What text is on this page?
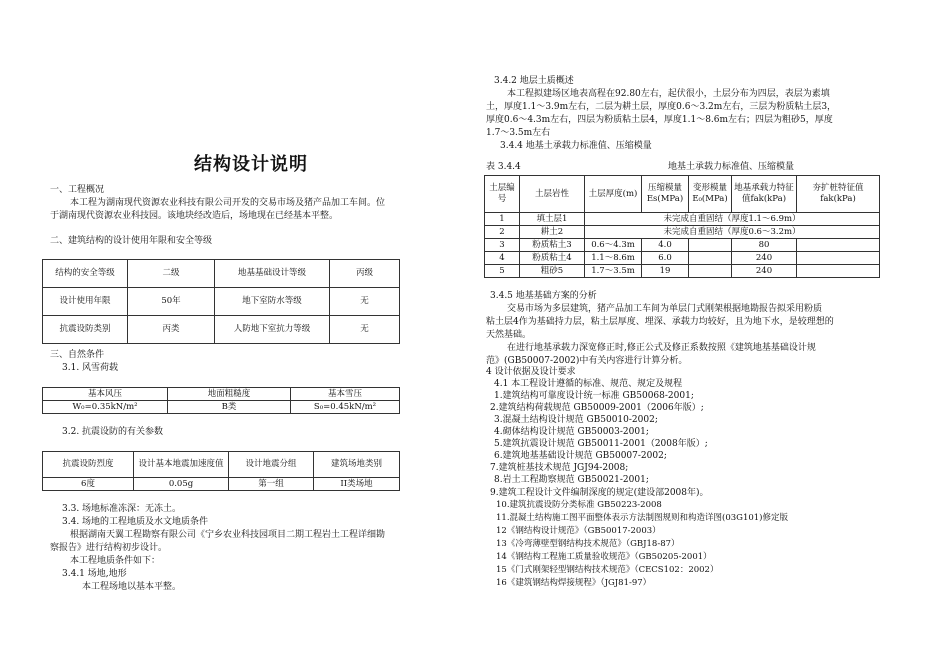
结构设计说明
一、工程概况
本工程为湖南现代资源农业科技有限公司开发的交易市场及猪产品加工车间。位
于湖南现代资源农业科技园。该地块经改造后，场地现在已经基本平整。
二、建筑结构的设计使用年限和安全等级
结构的安全等级	二级	地基基础设计等级	丙级
设计使用年限	50年	地下室防水等级	无
抗震设防类别	丙类	人防地下室抗力等级	无
三、自然条件
3.1. 风雪荷载
基本风压	地面粗糙度	基本雪压
W₀=0.35kN/m²	B类	S₀=0.45kN/m²
3.2. 抗震设防的有关参数
抗震设防烈度	设计基本地震加速度值	设计地震分组	建筑场地类别
6度	0.05g	第一组	II类场地
3.3. 场地标准冻深：无冻土。
3.4. 场地的工程地质及水文地质条件
根据湖南天翼工程勘察有限公司《宁乡农业科技园项目二期工程岩土工程详细勘
察报告》进行结构初步设计。
本工程地质条件如下：
3.4.1 场地,地形
本工程场地以基本平整。
3.4.2 地层土质概述
本工程拟建场区地表高程在92.80左右，起伏很小，土层分布为四层，表层为素填
土，厚度1.1～3.9m左右，二层为耕土层，厚度0.6～3.2m左右，三层为粉质粘土层3，
厚度0.6～4.3m左右，四层为粉质粘土层4，厚度1.1～8.6m左右；四层为粗砂5，厚度
1.7～3.5m左右
3.4.4 地基土承载力标准值、压缩模量
表 3.4.4	地基土承载力标准值、压缩模量
土层编号	土层岩性	土层厚度(m)	压缩模量Es(MPa)	变形模量E₀(MPa)	地基承载力特征值fak(kPa)	夯扩桩特征值fak(kPa)
1	填土层1	未完成自重固结（厚度1.1～6.9m）				
2	耕土2	未完成自重固结（厚度0.6～3.2m）				
3	粉质粘土3	0.6～4.3m	4.0		80	
4	粉质粘土4	1.1～8.6m	6.0		240	
5	粗砂5	1.7～3.5m	19		240	
3.4.5 地基基础方案的分析
交易市场为多层建筑，猪产品加工车间为单层门式刚架根据地勘报告拟采用粉质
粘土层4作为基础持力层，粘土层厚度、埋深、承载力均较好，且为地下水，是较理想的
天然基础。
在进行地基承载力深宽修正时,修正公式及修正系数按照《建筑地基基础设计规
范》(GB50007-2002)中有关内容进行计算分析。
4 设计依据及设计要求
4.1 本工程设计遵循的标准、规范、规定及规程
1.建筑结构可靠度设计统一标准 GB50068-2001;
2.建筑结构荷载规范 GB50009-2001（2006年版）;
3.混凝土结构设计规范 GB50010-2002;
4.砌体结构设计规范 GB50003-2001;
5.建筑抗震设计规范 GB50011-2001（2008年版）;
6.建筑地基基础设计规范 GB50007-2002;
7.建筑桩基技术规范 JGJ94-2008;
8.岩土工程勘察规范 GB50021-2001;
9.建筑工程设计文件编制深度的规定(建设部2008年)。
10.建筑抗震设防分类标准 GB50223-2008
11.混凝土结构施工图平面整体表示方法制图规则和构造详图(03G101)修定版
12《钢结构设计规范》（GB50017-2003）
13《冷弯薄壁型钢结构技术规范》（GBJ18-87）
14《钢结构工程施工质量验收规范》（GB50205-2001）
15《门式刚架轻型钢结构技术规范》（CECS102：2002）
16《建筑钢结构焊接规程》（JGJ81-97）
